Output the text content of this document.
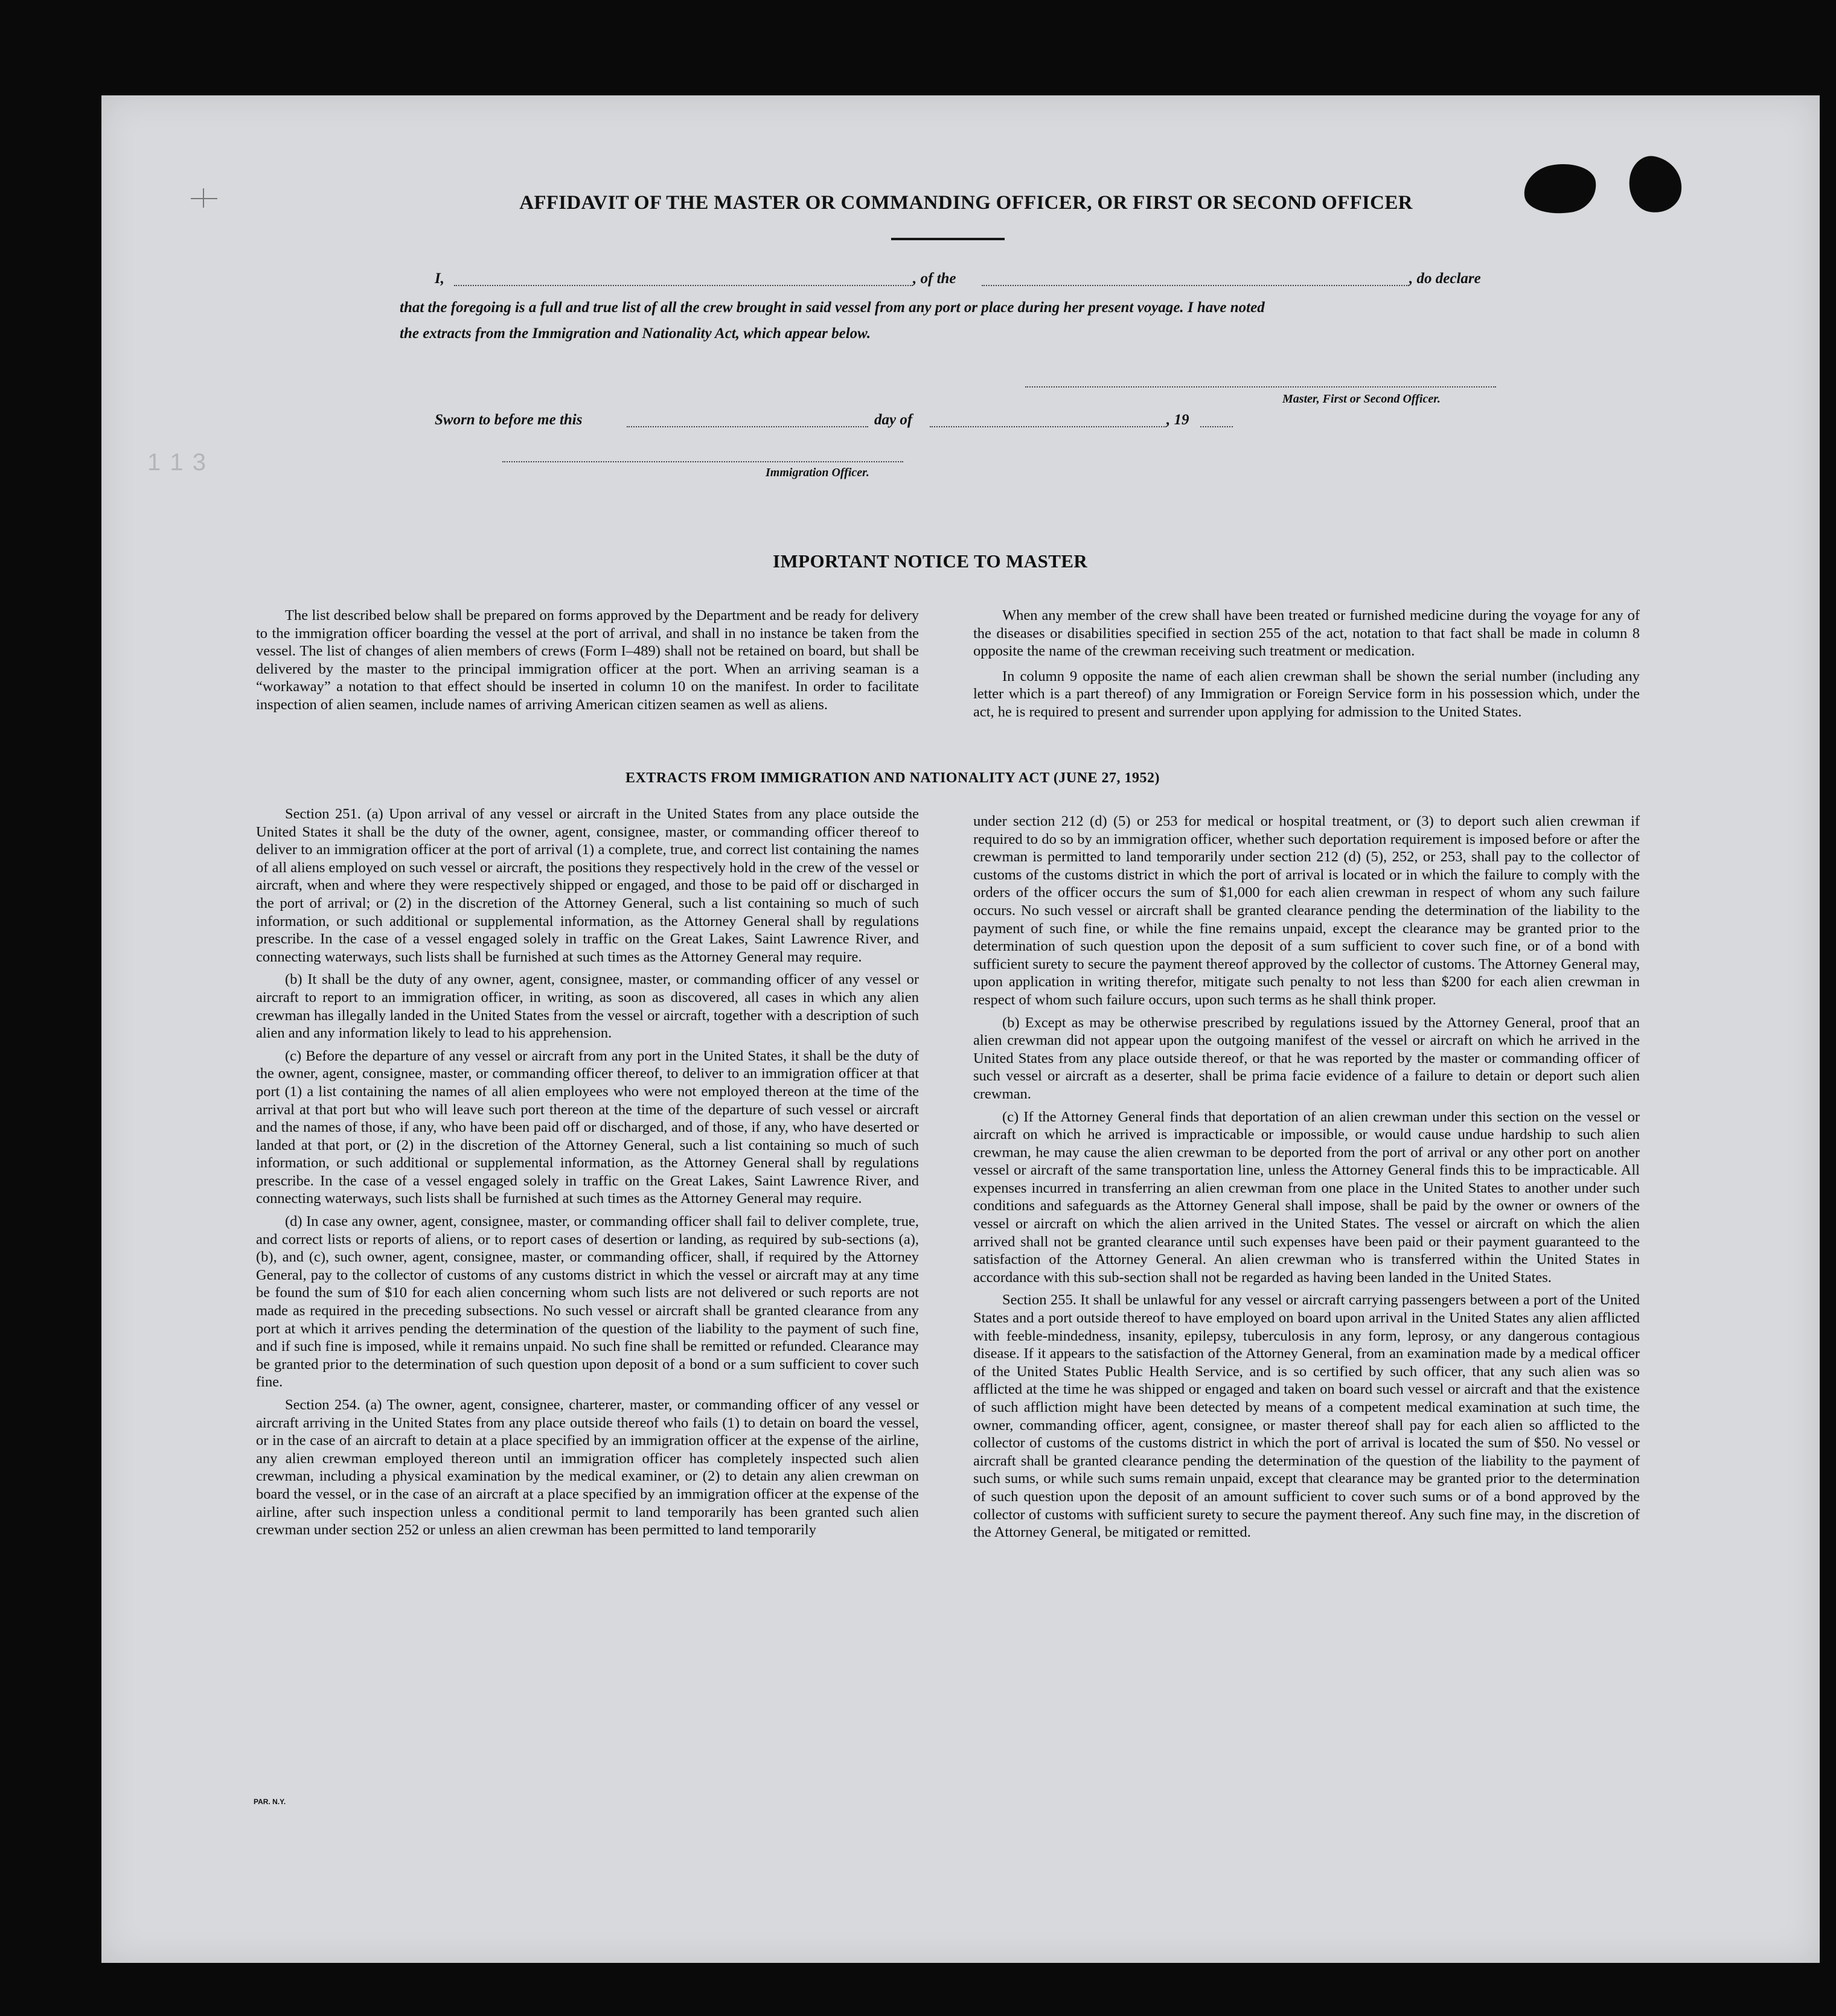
AFFIDAVIT OF THE MASTER OR COMMANDING OFFICER, OR FIRST OR SECOND OFFICER
I,	, of the	, do declare
that the foregoing is a full and true list of all the crew brought in said vessel from any port or place during her present voyage. I have noted
the extracts from the Immigration and Nationality Act, which appear below.
Master, First or Second Officer.
Sworn to before me this	day of	, 19
Immigration Officer.
1 1 3
IMPORTANT NOTICE TO MASTER

The list described below shall be prepared on forms approved by the Department and be ready for delivery to the immigration officer boarding the vessel at the port of arrival, and shall in no instance be taken from the vessel. The list of changes of alien members of crews (Form I–489) shall not be retained on board, but shall be delivered by the master to the principal immigration officer at the port. When an arriving seaman is a “workaway” a notation to that effect should be inserted in column 10 on the manifest. In order to facilitate inspection of alien seamen, include names of arriving American citizen seamen as well as aliens.

When any member of the crew shall have been treated or furnished medicine during the voyage for any of the diseases or disabilities specified in section 255 of the act, notation to that fact shall be made in column 8 opposite the name of the crewman receiving such treatment or medication.

In column 9 opposite the name of each alien crewman shall be shown the serial number (including any letter which is a part thereof) of any Immigration or Foreign Service form in his possession which, under the act, he is required to present and surrender upon applying for admission to the United States.

EXTRACTS FROM IMMIGRATION AND NATIONALITY ACT (JUNE 27, 1952)

Section 251. (a) Upon arrival of any vessel or aircraft in the United States from any place outside the United States it shall be the duty of the owner, agent, consignee, master, or commanding officer thereof to deliver to an immigration officer at the port of arrival (1) a complete, true, and correct list containing the names of all aliens employed on such vessel or aircraft, the positions they respectively hold in the crew of the vessel or aircraft, when and where they were respectively shipped or engaged, and those to be paid off or discharged in the port of arrival; or (2) in the discretion of the Attorney General, such a list containing so much of such information, or such additional or supplemental information, as the Attorney General shall by regulations prescribe. In the case of a vessel engaged solely in traffic on the Great Lakes, Saint Lawrence River, and connecting waterways, such lists shall be furnished at such times as the Attorney General may require.

(b) It shall be the duty of any owner, agent, consignee, master, or commanding officer of any vessel or aircraft to report to an immigration officer, in writing, as soon as discovered, all cases in which any alien crewman has illegally landed in the United States from the vessel or aircraft, together with a description of such alien and any information likely to lead to his apprehension.

(c) Before the departure of any vessel or aircraft from any port in the United States, it shall be the duty of the owner, agent, consignee, master, or commanding officer thereof, to deliver to an immigration officer at that port (1) a list containing the names of all alien employees who were not employed thereon at the time of the arrival at that port but who will leave such port thereon at the time of the departure of such vessel or aircraft and the names of those, if any, who have been paid off or discharged, and of those, if any, who have deserted or landed at that port, or (2) in the discretion of the Attorney General, such a list containing so much of such information, or such additional or supplemental information, as the Attorney General shall by regulations prescribe. In the case of a vessel engaged solely in traffic on the Great Lakes, Saint Lawrence River, and connecting waterways, such lists shall be furnished at such times as the Attorney General may require.

(d) In case any owner, agent, consignee, master, or commanding officer shall fail to deliver complete, true, and correct lists or reports of aliens, or to report cases of desertion or landing, as required by sub-sections (a), (b), and (c), such owner, agent, consignee, master, or commanding officer, shall, if required by the Attorney General, pay to the collector of customs of any customs district in which the vessel or aircraft may at any time be found the sum of $10 for each alien concerning whom such lists are not delivered or such reports are not made as required in the preceding subsections. No such vessel or aircraft shall be granted clearance from any port at which it arrives pending the determination of the question of the liability to the payment of such fine, and if such fine is imposed, while it remains unpaid. No such fine shall be remitted or refunded. Clearance may be granted prior to the determination of such question upon deposit of a bond or a sum sufficient to cover such fine.

Section 254. (a) The owner, agent, consignee, charterer, master, or commanding officer of any vessel or aircraft arriving in the United States from any place outside thereof who fails (1) to detain on board the vessel, or in the case of an aircraft to detain at a place specified by an immigration officer at the expense of the airline, any alien crewman employed thereon until an immigration officer has completely inspected such alien crewman, including a physical examination by the medical examiner, or (2) to detain any alien crewman on board the vessel, or in the case of an aircraft at a place specified by an immigration officer at the expense of the airline, after such inspection unless a conditional permit to land temporarily has been granted such alien crewman under section 252 or unless an alien crewman has been permitted to land temporarily

under section 212 (d) (5) or 253 for medical or hospital treatment, or (3) to deport such alien crewman if required to do so by an immigration officer, whether such deportation requirement is imposed before or after the crewman is permitted to land temporarily under section 212 (d) (5), 252, or 253, shall pay to the collector of customs of the customs district in which the port of arrival is located or in which the failure to comply with the orders of the officer occurs the sum of $1,000 for each alien crewman in respect of whom any such failure occurs. No such vessel or aircraft shall be granted clearance pending the determination of the liability to the payment of such fine, or while the fine remains unpaid, except the clearance may be granted prior to the determination of such question upon the deposit of a sum sufficient to cover such fine, or of a bond with sufficient surety to secure the payment thereof approved by the collector of customs. The Attorney General may, upon application in writing therefor, mitigate such penalty to not less than $200 for each alien crewman in respect of whom such failure occurs, upon such terms as he shall think proper.

(b) Except as may be otherwise prescribed by regulations issued by the Attorney General, proof that an alien crewman did not appear upon the outgoing manifest of the vessel or aircraft on which he arrived in the United States from any place outside thereof, or that he was reported by the master or commanding officer of such vessel or aircraft as a deserter, shall be prima facie evidence of a failure to detain or deport such alien crewman.

(c) If the Attorney General finds that deportation of an alien crewman under this section on the vessel or aircraft on which he arrived is impracticable or impossible, or would cause undue hardship to such alien crewman, he may cause the alien crewman to be deported from the port of arrival or any other port on another vessel or aircraft of the same transportation line, unless the Attorney General finds this to be impracticable. All expenses incurred in transferring an alien crewman from one place in the United States to another under such conditions and safeguards as the Attorney General shall impose, shall be paid by the owner or owners of the vessel or aircraft on which the alien arrived in the United States. The vessel or aircraft on which the alien arrived shall not be granted clearance until such expenses have been paid or their payment guaranteed to the satisfaction of the Attorney General. An alien crewman who is transferred within the United States in accordance with this sub-section shall not be regarded as having been landed in the United States.

Section 255. It shall be unlawful for any vessel or aircraft carrying passengers between a port of the United States and a port outside thereof to have employed on board upon arrival in the United States any alien afflicted with feeble-mindedness, insanity, epilepsy, tuberculosis in any form, leprosy, or any dangerous contagious disease. If it appears to the satisfaction of the Attorney General, from an examination made by a medical officer of the United States Public Health Service, and is so certified by such officer, that any such alien was so afflicted at the time he was shipped or engaged and taken on board such vessel or aircraft and that the existence of such affliction might have been detected by means of a competent medical examination at such time, the owner, commanding officer, agent, consignee, or master thereof shall pay for each alien so afflicted to the collector of customs of the customs district in which the port of arrival is located the sum of $50. No vessel or aircraft shall be granted clearance pending the determination of the question of the liability to the payment of such sums, or while such sums remain unpaid, except that clearance may be granted prior to the determination of such question upon the deposit of an amount sufficient to cover such sums or of a bond approved by the collector of customs with sufficient surety to secure the payment thereof. Any such fine may, in the discretion of the Attorney General, be mitigated or remitted.

PAR. N.Y.
